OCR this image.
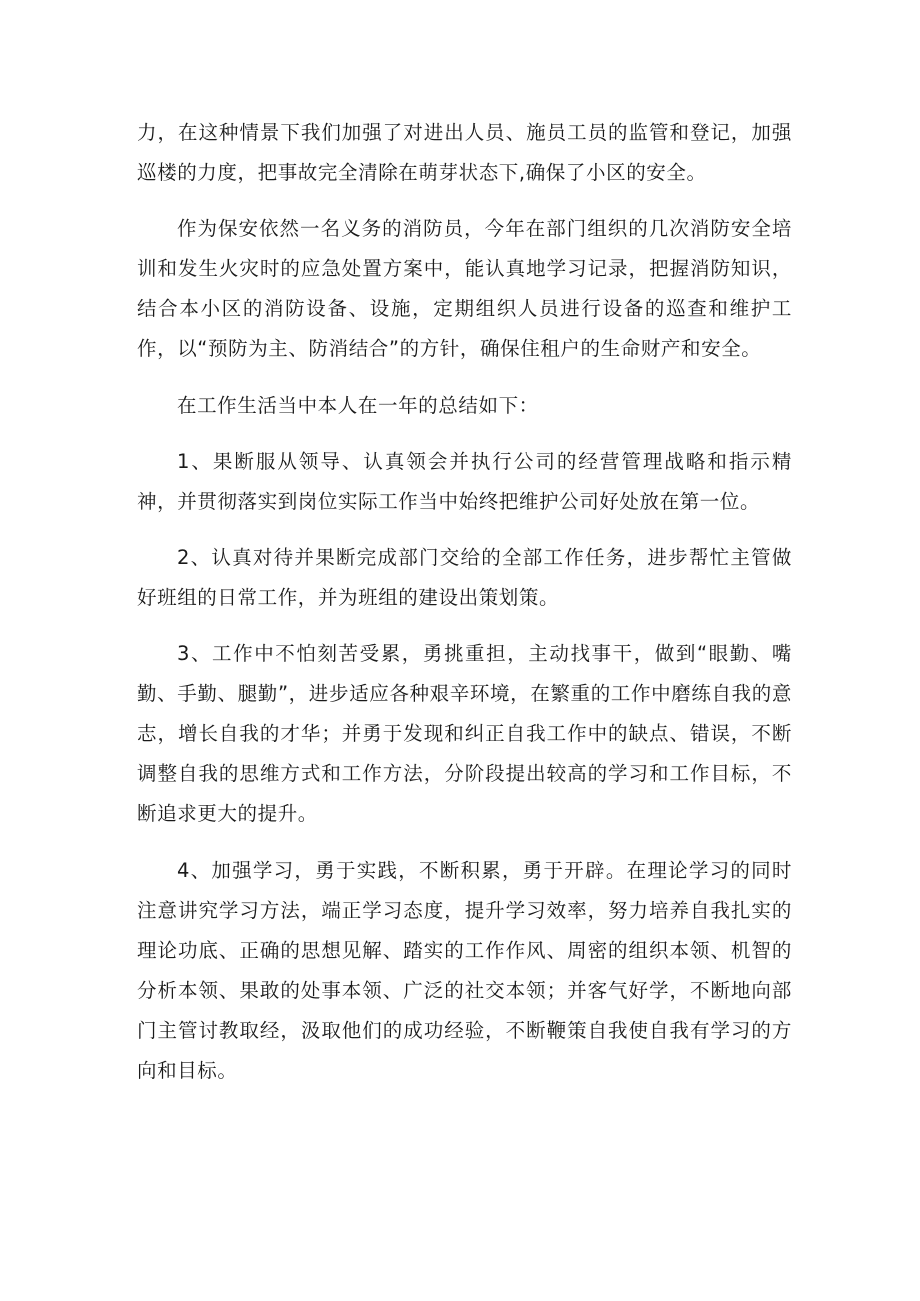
力，在这种情景下我们加强了对进出人员、施员工员的监管和登记，加强巡楼的力度，把事故完全清除在萌芽状态下,确保了小区的安全。

作为保安依然一名义务的消防员，今年在部门组织的几次消防安全培训和发生火灾时的应急处置方案中，能认真地学习记录，把握消防知识，结合本小区的消防设备、设施，定期组织人员进行设备的巡查和维护工作，以“预防为主、防消结合”的方针，确保住租户的生命财产和安全。

在工作生活当中本人在一年的总结如下：

1、果断服从领导、认真领会并执行公司的经营管理战略和指示精神，并贯彻落实到岗位实际工作当中始终把维护公司好处放在第一位。

2、认真对待并果断完成部门交给的全部工作任务，进步帮忙主管做好班组的日常工作，并为班组的建设出策划策。

3、工作中不怕刻苦受累，勇挑重担，主动找事干，做到“眼勤、嘴勤、手勤、腿勤”，进步适应各种艰辛环境，在繁重的工作中磨练自我的意志，增长自我的才华；并勇于发现和纠正自我工作中的缺点、错误，不断调整自我的思维方式和工作方法，分阶段提出较高的学习和工作目标，不断追求更大的提升。

4、加强学习，勇于实践，不断积累，勇于开辟。在理论学习的同时注意讲究学习方法，端正学习态度，提升学习效率，努力培养自我扎实的理论功底、正确的思想见解、踏实的工作作风、周密的组织本领、机智的分析本领、果敢的处事本领、广泛的社交本领；并客气好学，不断地向部门主管讨教取经，汲取他们的成功经验，不断鞭策自我使自我有学习的方向和目标。
